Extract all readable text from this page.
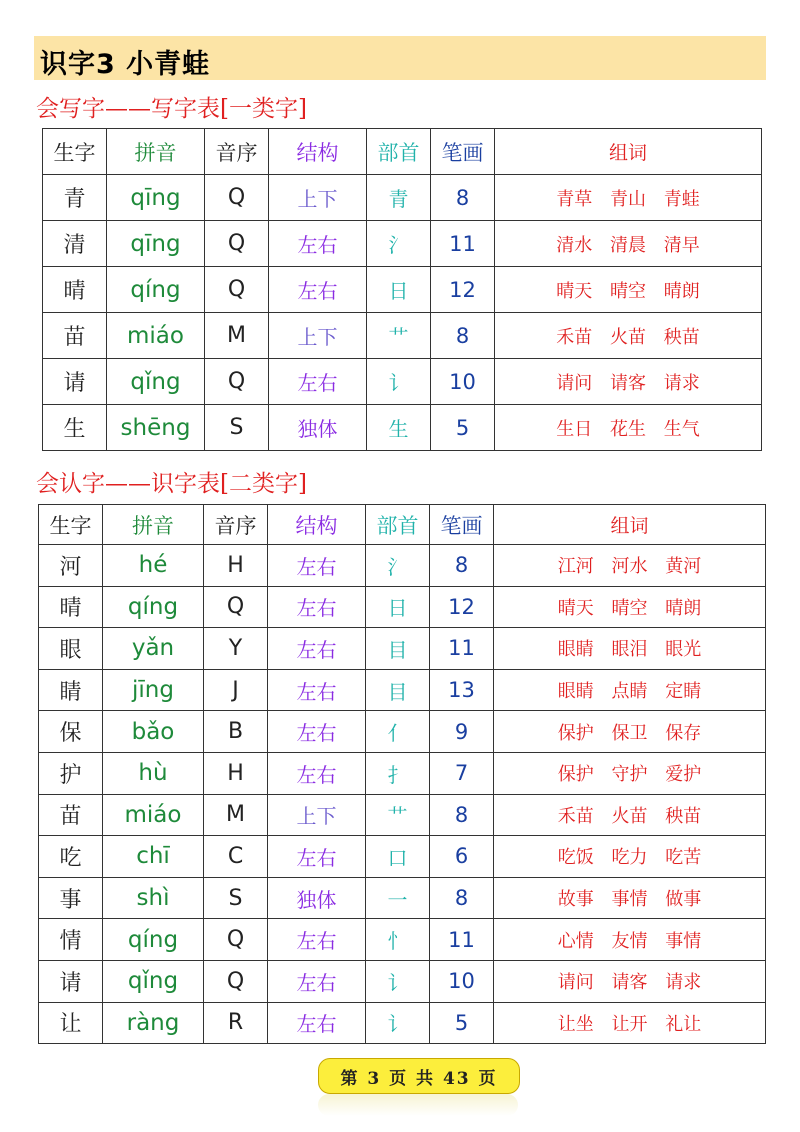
识字3 小青蛙
会写字——写字表[一类字]
生字	拼音	音序	结构	部首	笔画	组词
青	qīng	Q	上下	青	8	青草 青山 青蛙
清	qīng	Q	左右	氵	11	清水 清晨 清早
晴	qíng	Q	左右	日	12	晴天 晴空 晴朗
苗	miáo	M	上下	艹	8	禾苗 火苗 秧苗
请	qǐng	Q	左右	讠	10	请问 请客 请求
生	shēng	S	独体	生	5	生日 花生 生气
会认字——识字表[二类字]
生字	拼音	音序	结构	部首	笔画	组词
河	hé	H	左右	氵	8	江河 河水 黄河
晴	qíng	Q	左右	日	12	晴天 晴空 晴朗
眼	yǎn	Y	左右	目	11	眼睛 眼泪 眼光
睛	jīng	J	左右	目	13	眼睛 点睛 定睛
保	bǎo	B	左右	亻	9	保护 保卫 保存
护	hù	H	左右	扌	7	保护 守护 爱护
苗	miáo	M	上下	艹	8	禾苗 火苗 秧苗
吃	chī	C	左右	口	6	吃饭 吃力 吃苦
事	shì	S	独体	一	8	故事 事情 做事
情	qíng	Q	左右	忄	11	心情 友情 事情
请	qǐng	Q	左右	讠	10	请问 请客 请求
让	ràng	R	左右	讠	5	让坐 让开 礼让
第 3 页 共 43 页
